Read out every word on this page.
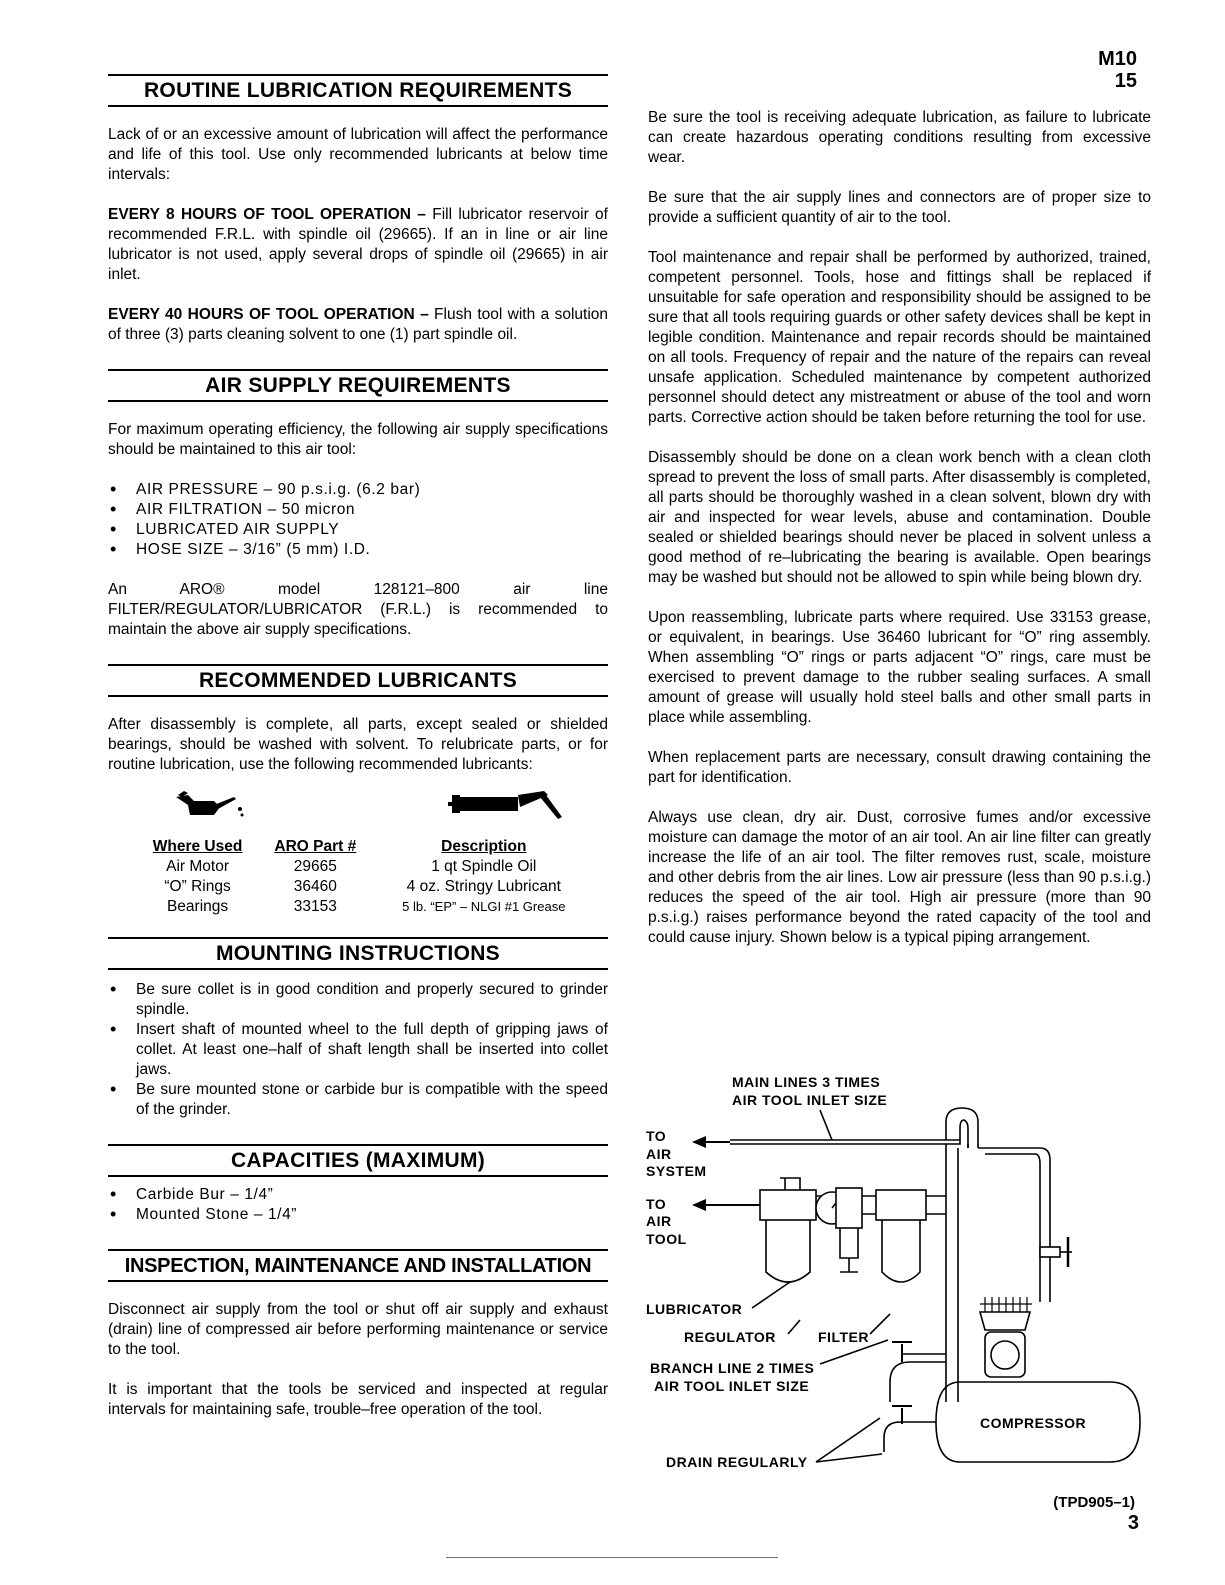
M10
15
ROUTINE LUBRICATION REQUIREMENTS

Lack of or an excessive amount of lubrication will affect the performance and life of this tool. Use only recommended lubricants at below time intervals:

EVERY 8 HOURS OF TOOL OPERATION – Fill lubricator reservoir of recommended F.R.L. with spindle oil (29665). If an in line or air line lubricator is not used, apply several drops of spindle oil (29665) in air inlet.

EVERY 40 HOURS OF TOOL OPERATION – Flush tool with a solution of three (3) parts cleaning solvent to one (1) part spindle oil.

AIR SUPPLY REQUIREMENTS

For maximum operating efficiency, the following air supply specifications should be maintained to this air tool:

• AIR PRESSURE – 90 p.s.i.g. (6.2 bar)
• AIR FILTRATION – 50 micron
• LUBRICATED AIR SUPPLY
• HOSE SIZE – 3/16” (5 mm) I.D.

An ARO® model 128121–800 air line FILTER/REGULATOR/LUBRICATOR (F.R.L.) is recommended to maintain the above air supply specifications.

RECOMMENDED LUBRICANTS

After disassembly is complete, all parts, except sealed or shielded bearings, should be washed with solvent. To relubricate parts, or for routine lubrication, use the following recommended lubricants:

Where Used	ARO Part #	Description
Air Motor	29665	1 qt Spindle Oil
“O” Rings	36460	4 oz. Stringy Lubricant
Bearings	33153	5 lb. “EP” – NLGI #1 Grease
MOUNTING INSTRUCTIONS
• Be sure collet is in good condition and properly secured to grinder spindle.
• Insert shaft of mounted wheel to the full depth of gripping jaws of collet. At least one–half of shaft length shall be inserted into collet jaws.
• Be sure mounted stone or carbide bur is compatible with the speed of the grinder.
CAPACITIES (MAXIMUM)
• Carbide Bur – 1/4”
• Mounted Stone – 1/4”
INSPECTION, MAINTENANCE AND INSTALLATION

Disconnect air supply from the tool or shut off air supply and exhaust (drain) line of compressed air before performing maintenance or service to the tool.

It is important that the tools be serviced and inspected at regular intervals for maintaining safe, trouble–free operation of the tool.

Be sure the tool is receiving adequate lubrication, as failure to lubricate can create hazardous operating conditions resulting from excessive wear.

Be sure that the air supply lines and connectors are of proper size to provide a sufficient quantity of air to the tool.

Tool maintenance and repair shall be performed by authorized, trained, competent personnel. Tools, hose and fittings shall be replaced if unsuitable for safe operation and responsibility should be assigned to be sure that all tools requiring guards or other safety devices shall be kept in legible condition. Maintenance and repair records should be maintained on all tools. Frequency of repair and the nature of the repairs can reveal unsafe application. Scheduled maintenance by competent authorized personnel should detect any mistreatment or abuse of the tool and worn parts. Corrective action should be taken before returning the tool for use.

Disassembly should be done on a clean work bench with a clean cloth spread to prevent the loss of small parts. After disassembly is completed, all parts should be thoroughly washed in a clean solvent, blown dry with air and inspected for wear levels, abuse and contamination. Double sealed or shielded bearings should never be placed in solvent unless a good method of re–lubricating the bearing is available. Open bearings may be washed but should not be allowed to spin while being blown dry.

Upon reassembling, lubricate parts where required. Use 33153 grease, or equivalent, in bearings. Use 36460 lubricant for “O” ring assembly. When assembling “O” rings or parts adjacent “O” rings, care must be exercised to prevent damage to the rubber sealing surfaces. A small amount of grease will usually hold steel balls and other small parts in place while assembling.

When replacement parts are necessary, consult drawing containing the part for identification.

Always use clean, dry air. Dust, corrosive fumes and/or excessive moisture can damage the motor of an air tool. An air line filter can greatly increase the life of an air tool. The filter removes rust, scale, moisture and other debris from the air lines. Low air pressure (less than 90 p.s.i.g.) reduces the speed of the air tool. High air pressure (more than 90 p.s.i.g.) raises performance beyond the rated capacity of the tool and could cause injury. Shown below is a typical piping arrangement.

MAIN LINES 3 TIMES
AIR TOOL INLET SIZE
TO
AIR
SYSTEM
TO
AIR
TOOL
LUBRICATOR
REGULATOR	FILTER
BRANCH LINE 2 TIMES
AIR TOOL INLET SIZE
COMPRESSOR
DRAIN REGULARLY
(TPD905–1)
3
